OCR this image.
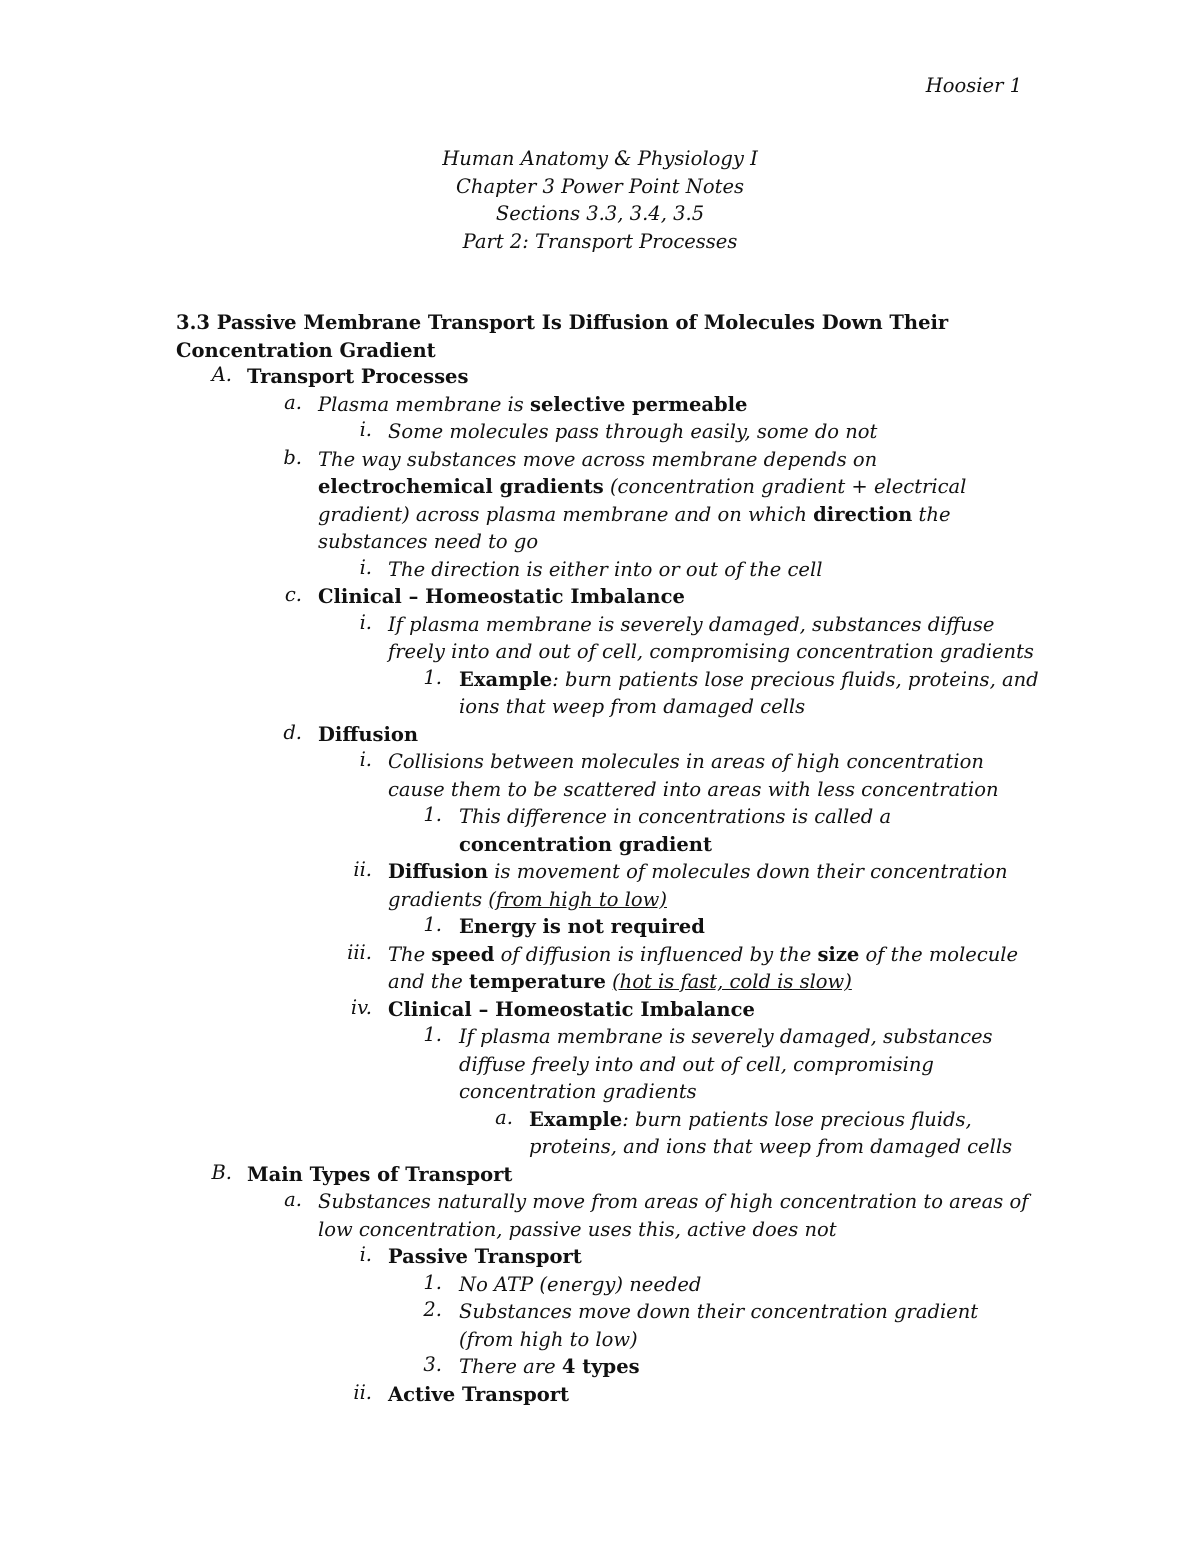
Hoosier 1
Human Anatomy & Physiology I
Chapter 3 Power Point Notes
Sections 3.3, 3.4, 3.5
Part 2: Transport Processes
3.3 Passive Membrane Transport Is Diffusion of Molecules Down Their
Concentration Gradient
A. Transport Processes
a. Plasma membrane is selective permeable
i. Some molecules pass through easily, some do not
b. The way substances move across membrane depends on
electrochemical gradients (concentration gradient + electrical
gradient) across plasma membrane and on which direction the
substances need to go
i. The direction is either into or out of the cell
c. Clinical – Homeostatic Imbalance
i. If plasma membrane is severely damaged, substances diffuse
freely into and out of cell, compromising concentration gradients
1. Example: burn patients lose precious fluids, proteins, and
ions that weep from damaged cells
d. Diffusion
i. Collisions between molecules in areas of high concentration
cause them to be scattered into areas with less concentration
1. This difference in concentrations is called a
concentration gradient
ii. Diffusion is movement of molecules down their concentration
gradients (from high to low)
1. Energy is not required
iii. The speed of diffusion is influenced by the size of the molecule
and the temperature (hot is fast, cold is slow)
iv. Clinical – Homeostatic Imbalance
1. If plasma membrane is severely damaged, substances
diffuse freely into and out of cell, compromising
concentration gradients
a. Example: burn patients lose precious fluids,
proteins, and ions that weep from damaged cells
B. Main Types of Transport
a. Substances naturally move from areas of high concentration to areas of
low concentration, passive uses this, active does not
i. Passive Transport
1. No ATP (energy) needed
2. Substances move down their concentration gradient
(from high to low)
3. There are 4 types
ii. Active Transport
